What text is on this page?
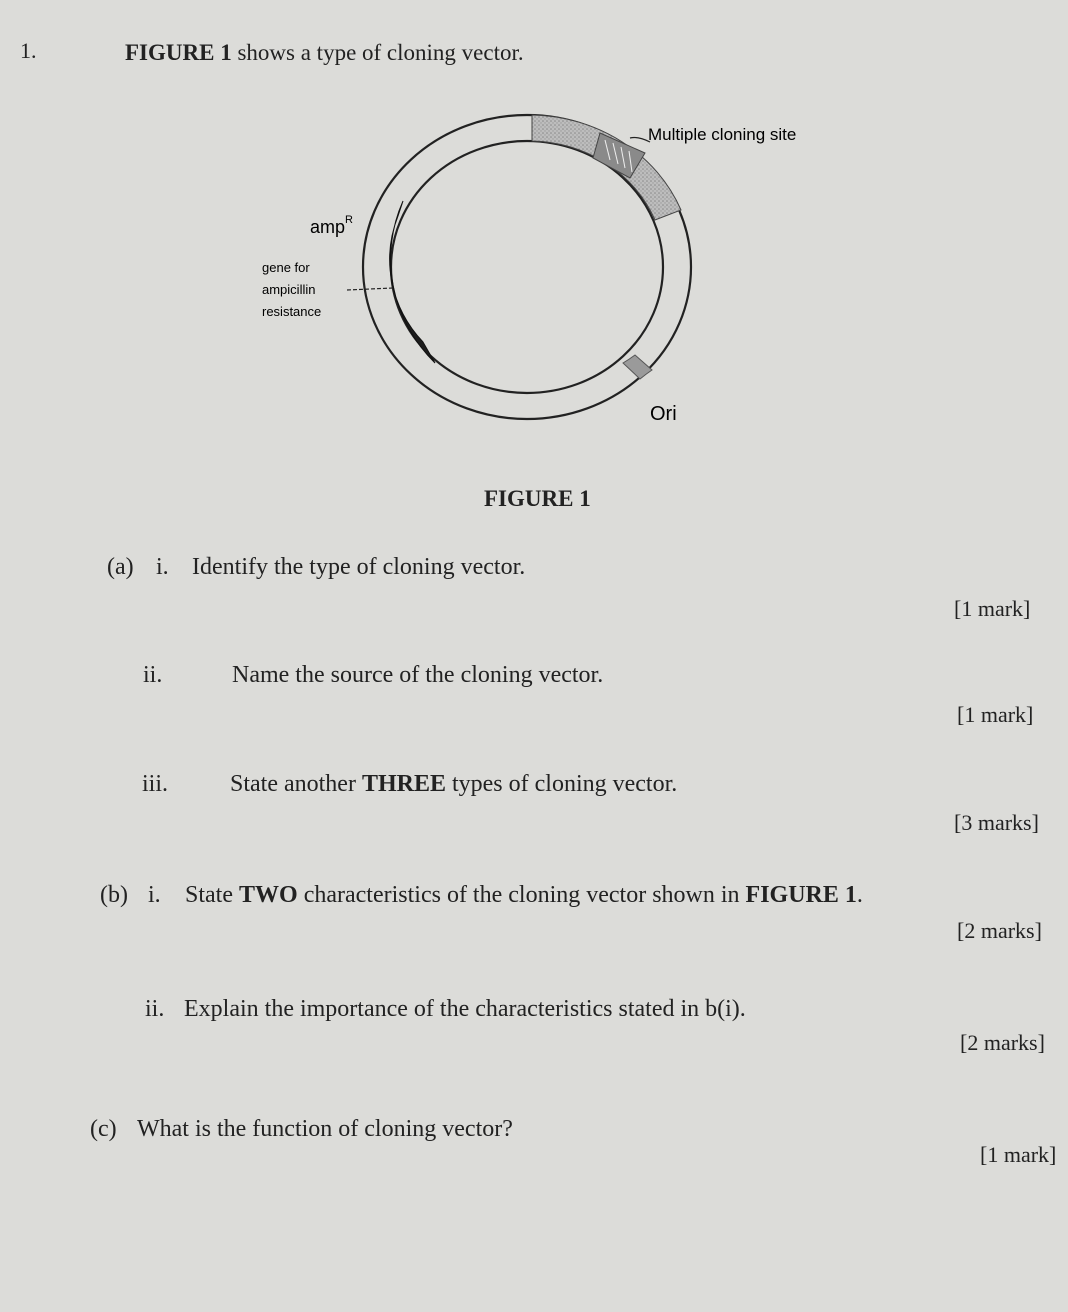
1.	FIGURE 1 shows a type of cloning vector.
Multiple cloning site
amp$^R$
gene for
ampicillin
resistance
Ori
FIGURE 1
(a) i. Identify the type of cloning vector.
[1 mark]
ii.	Name the source of the cloning vector.
[1 mark]
iii.	State another THREE types of cloning vector.
[3 marks]
(b) i. State TWO characteristics of the cloning vector shown in FIGURE 1.
[2 marks]
ii. Explain the importance of the characteristics stated in b(i).
[2 marks]
(c) What is the function of cloning vector?
[1 mark]
